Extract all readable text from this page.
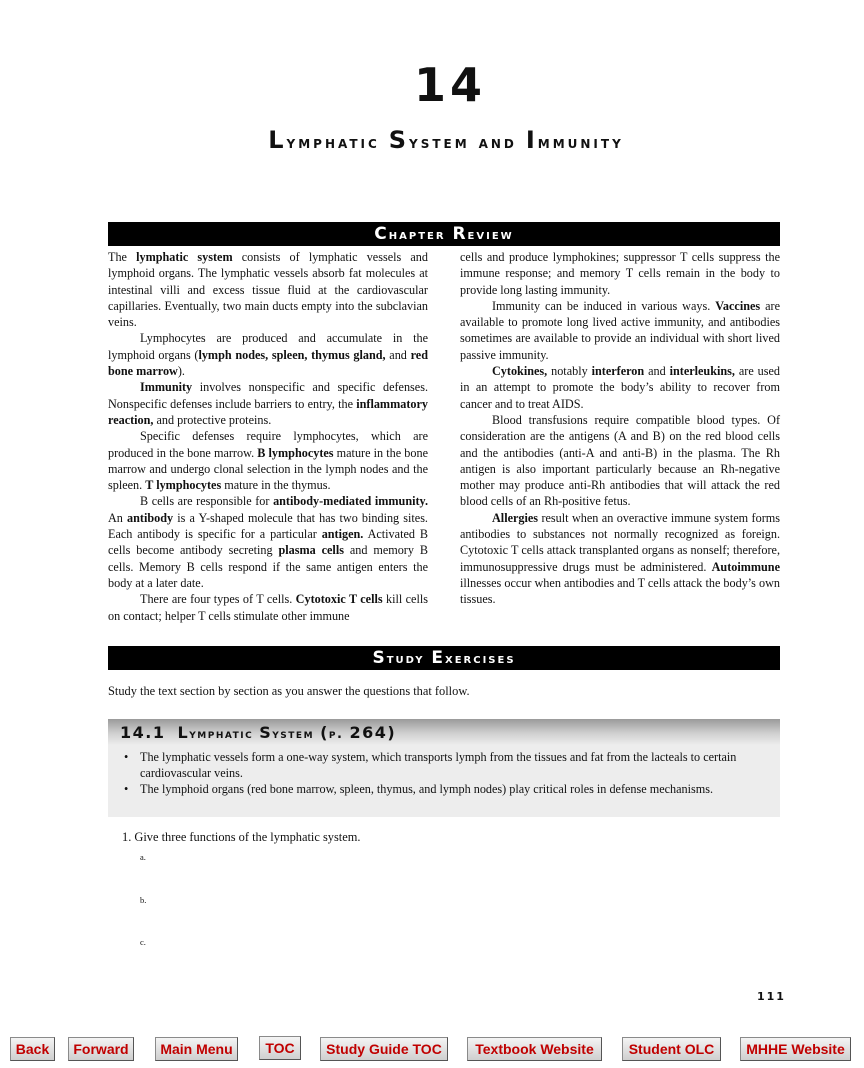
14
Lymphatic System and Immunity
Chapter Review

The lymphatic system consists of lymphatic vessels and lymphoid organs. The lymphatic vessels absorb fat molecules at intestinal villi and excess tissue fluid at the cardiovascular capillaries. Eventually, two main ducts empty into the subclavian veins.

Lymphocytes are produced and accumulate in the lymphoid organs (lymph nodes, spleen, thymus gland, and red bone marrow).

Immunity involves nonspecific and specific defenses. Nonspecific defenses include barriers to entry, the inflammatory reaction, and protective proteins.

Specific defenses require lymphocytes, which are produced in the bone marrow. B lymphocytes mature in the bone marrow and undergo clonal selection in the lymph nodes and the spleen. T lymphocytes mature in the thymus.

B cells are responsible for antibody-mediated immunity. An antibody is a Y-shaped molecule that has two binding sites. Each antibody is specific for a particular antigen. Activated B cells become antibody secreting plasma cells and memory B cells. Memory B cells respond if the same antigen enters the body at a later date.

There are four types of T cells. Cytotoxic T cells kill cells on contact; helper T cells stimulate other immune

cells and produce lymphokines; suppressor T cells suppress the immune response; and memory T cells remain in the body to provide long lasting immunity.

Immunity can be induced in various ways. Vaccines are available to promote long lived active immunity, and antibodies sometimes are available to provide an individual with short lived passive immunity.

Cytokines, notably interferon and interleukins, are used in an attempt to promote the body’s ability to recover from cancer and to treat AIDS.

Blood transfusions require compatible blood types. Of consideration are the antigens (A and B) on the red blood cells and the antibodies (anti-A and anti-B) in the plasma. The Rh antigen is also important particularly because an Rh-negative mother may produce anti-Rh antibodies that will attack the red blood cells of an Rh-positive fetus.

Allergies result when an overactive immune system forms antibodies to substances not normally recognized as foreign. Cytotoxic T cells attack transplanted organs as nonself; therefore, immunosuppressive drugs must be administered. Autoimmune illnesses occur when antibodies and T cells attack the body’s own tissues.

Study Exercises
Study the text section by section as you answer the questions that follow.
14.1 Lymphatic System (p. 264)
• The lymphatic vessels form a one-way system, which transports lymph from the tissues and fat from the lacteals to certain cardiovascular veins.
• The lymphoid organs (red bone marrow, spleen, thymus, and lymph nodes) play critical roles in defense mechanisms.
1. Give three functions of the lymphatic system.
a.
b.
c.
111
Back	Forward	Main Menu	TOC	Study Guide TOC	Textbook Website	Student OLC	MHHE Website
